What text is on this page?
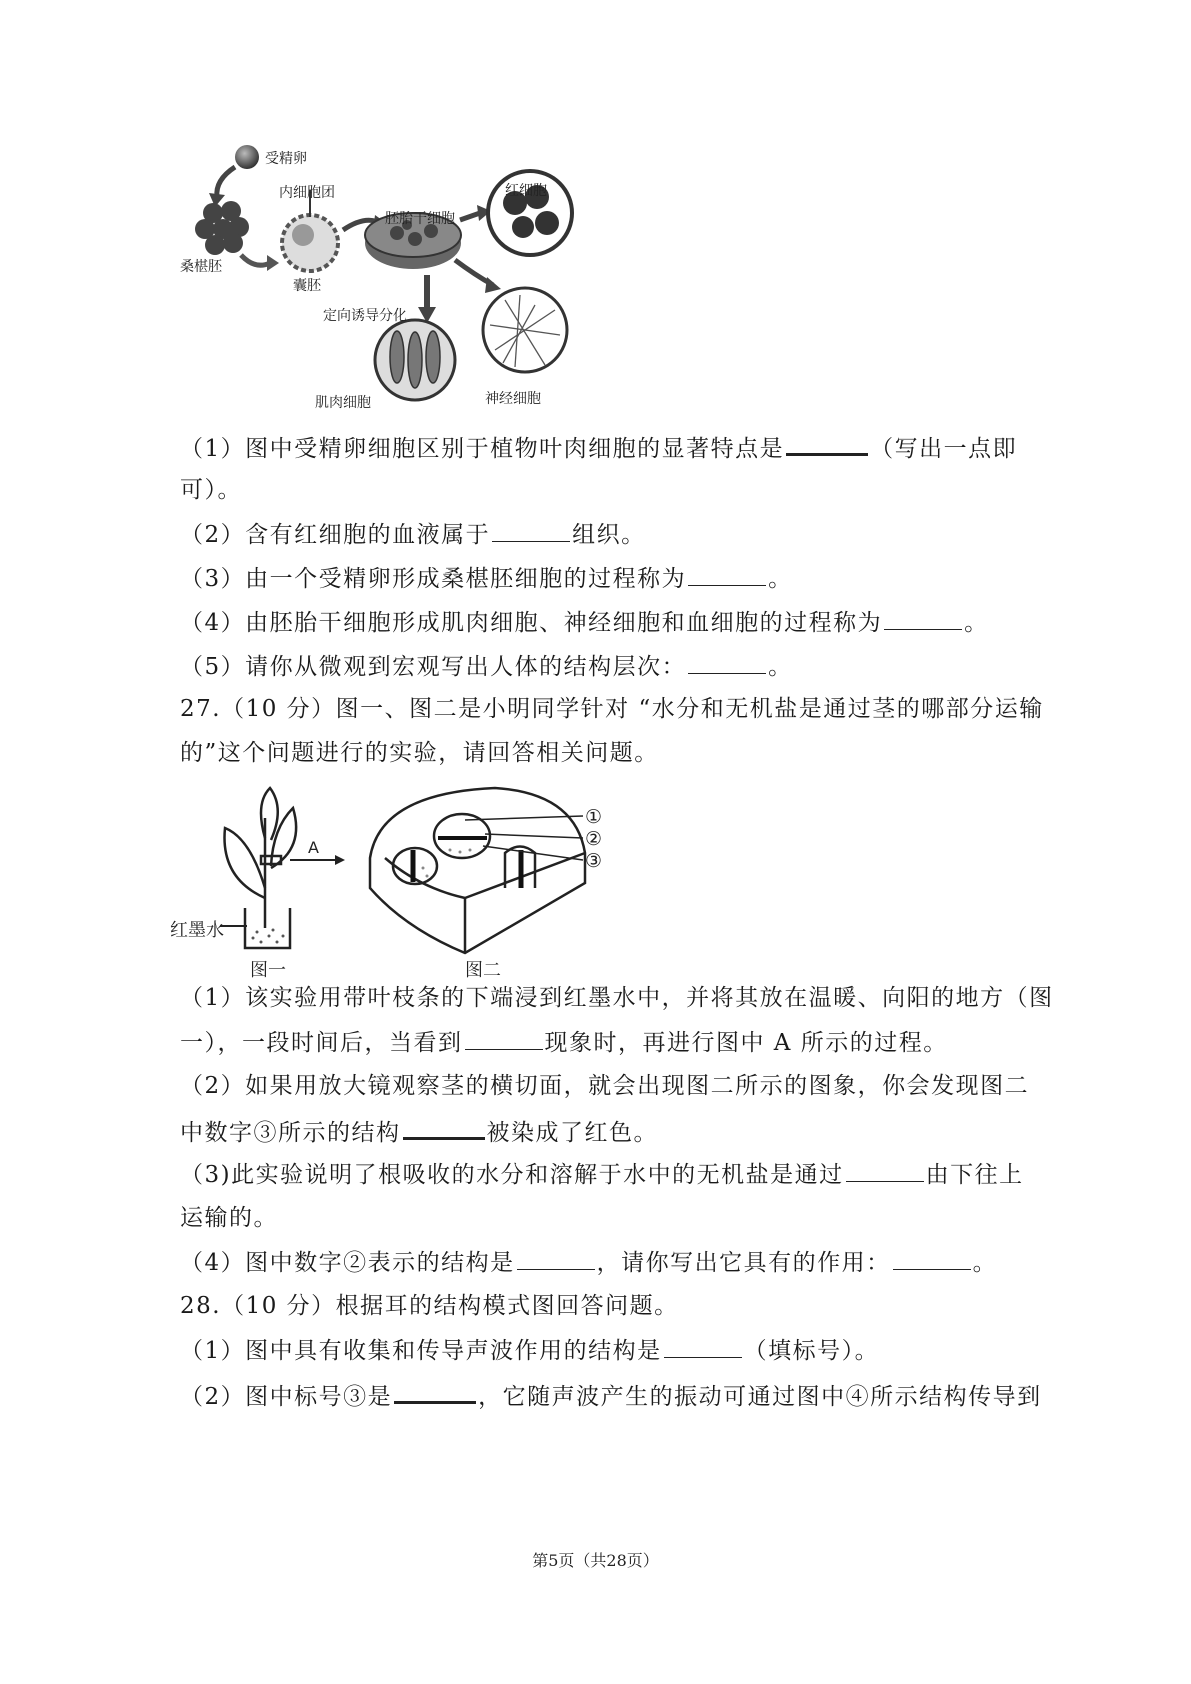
受精卵
内细胞团
桑椹胚
囊胚
胚胎干细胞
红细胞
定向诱导分化
肌肉细胞	神经细胞
（1）图中受精卵细胞区别于植物叶肉细胞的显著特点是	（写出一点即
可）。
（2）含有红细胞的血液属于	组织。
（3）由一个受精卵形成桑椹胚细胞的过程称为	。
（4）由胚胎干细胞形成肌肉细胞、神经细胞和血细胞的过程称为	。
（5）请你从微观到宏观写出人体的结构层次：	。
27.（10 分）图一、图二是小明同学针对 “水分和无机盐是通过茎的哪部分运输
的”这个问题进行的实验，请回答相关问题。
红墨水
A
图一	图二
①
②
③
（1）该实验用带叶枝条的下端浸到红墨水中，并将其放在温暖、向阳的地方（图
一），一段时间后，当看到	现象时，再进行图中 A 所示的过程。
（2）如果用放大镜观察茎的横切面，就会出现图二所示的图象，你会发现图二
中数字③所示的结构	被染成了红色。
（3)此实验说明了根吸收的水分和溶解于水中的无机盐是通过	由下往上
运输的。
（4）图中数字②表示的结构是	，请你写出它具有的作用：	。
28.（10 分）根据耳的结构模式图回答问题。
（1）图中具有收集和传导声波作用的结构是	（填标号）。
（2）图中标号③是	，它随声波产生的振动可通过图中④所示结构传导到
第5页（共28页）
